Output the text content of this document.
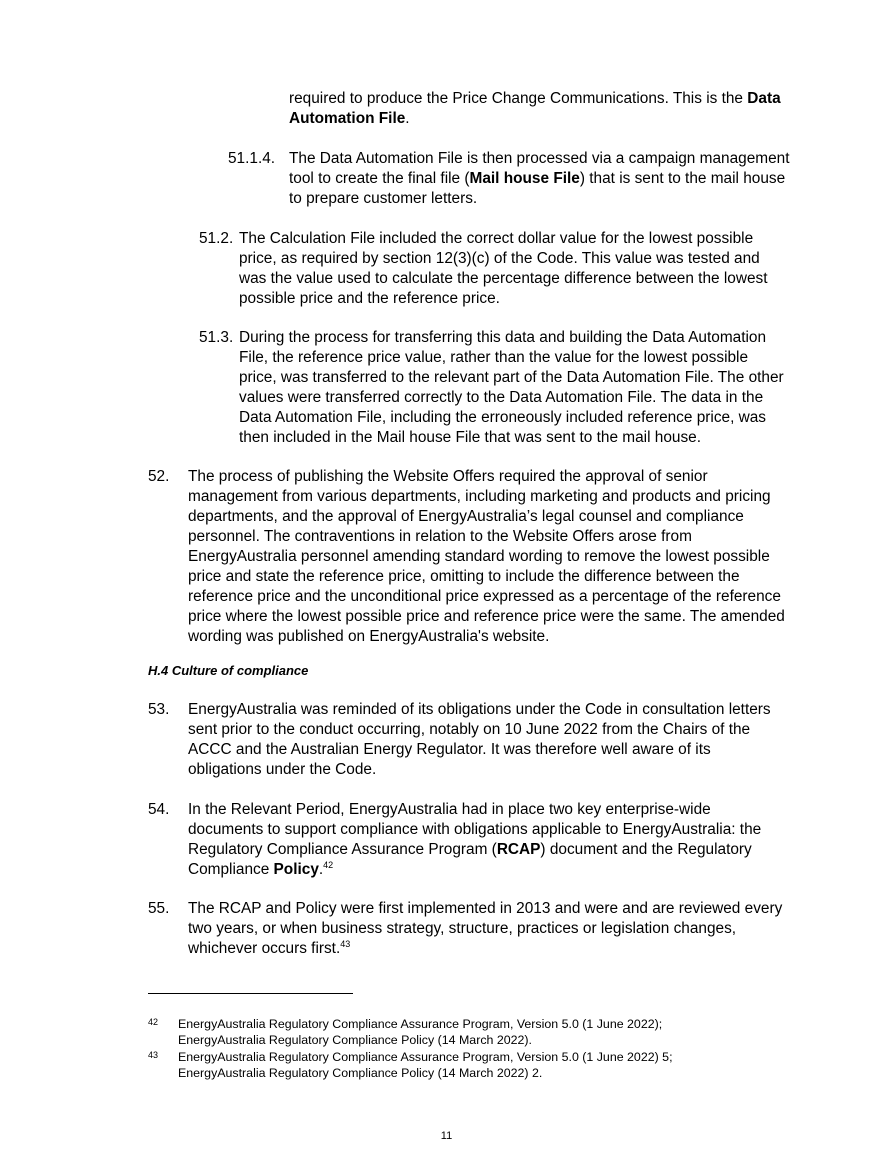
required to produce the Price Change Communications. This is the Data Automation File.
51.1.4. The Data Automation File is then processed via a campaign management tool to create the final file (Mail house File) that is sent to the mail house to prepare customer letters.
51.2. The Calculation File included the correct dollar value for the lowest possible price, as required by section 12(3)(c) of the Code. This value was tested and was the value used to calculate the percentage difference between the lowest possible price and the reference price.
51.3. During the process for transferring this data and building the Data Automation File, the reference price value, rather than the value for the lowest possible price, was transferred to the relevant part of the Data Automation File. The other values were transferred correctly to the Data Automation File. The data in the Data Automation File, including the erroneously included reference price, was then included in the Mail house File that was sent to the mail house.
52. The process of publishing the Website Offers required the approval of senior management from various departments, including marketing and products and pricing departments, and the approval of EnergyAustralia’s legal counsel and compliance personnel. The contraventions in relation to the Website Offers arose from EnergyAustralia personnel amending standard wording to remove the lowest possible price and state the reference price, omitting to include the difference between the reference price and the unconditional price expressed as a percentage of the reference price where the lowest possible price and reference price were the same. The amended wording was published on EnergyAustralia's website.
H.4 Culture of compliance
53. EnergyAustralia was reminded of its obligations under the Code in consultation letters sent prior to the conduct occurring, notably on 10 June 2022 from the Chairs of the ACCC and the Australian Energy Regulator. It was therefore well aware of its obligations under the Code.
54. In the Relevant Period, EnergyAustralia had in place two key enterprise-wide documents to support compliance with obligations applicable to EnergyAustralia: the Regulatory Compliance Assurance Program (RCAP) document and the Regulatory Compliance Policy.$^{42}$
55. The RCAP and Policy were first implemented in 2013 and were and are reviewed every two years, or when business strategy, structure, practices or legislation changes, whichever occurs first.$^{43}$
42 EnergyAustralia Regulatory Compliance Assurance Program, Version 5.0 (1 June 2022);
EnergyAustralia Regulatory Compliance Policy (14 March 2022).
43 EnergyAustralia Regulatory Compliance Assurance Program, Version 5.0 (1 June 2022) 5;
EnergyAustralia Regulatory Compliance Policy (14 March 2022) 2.
11
